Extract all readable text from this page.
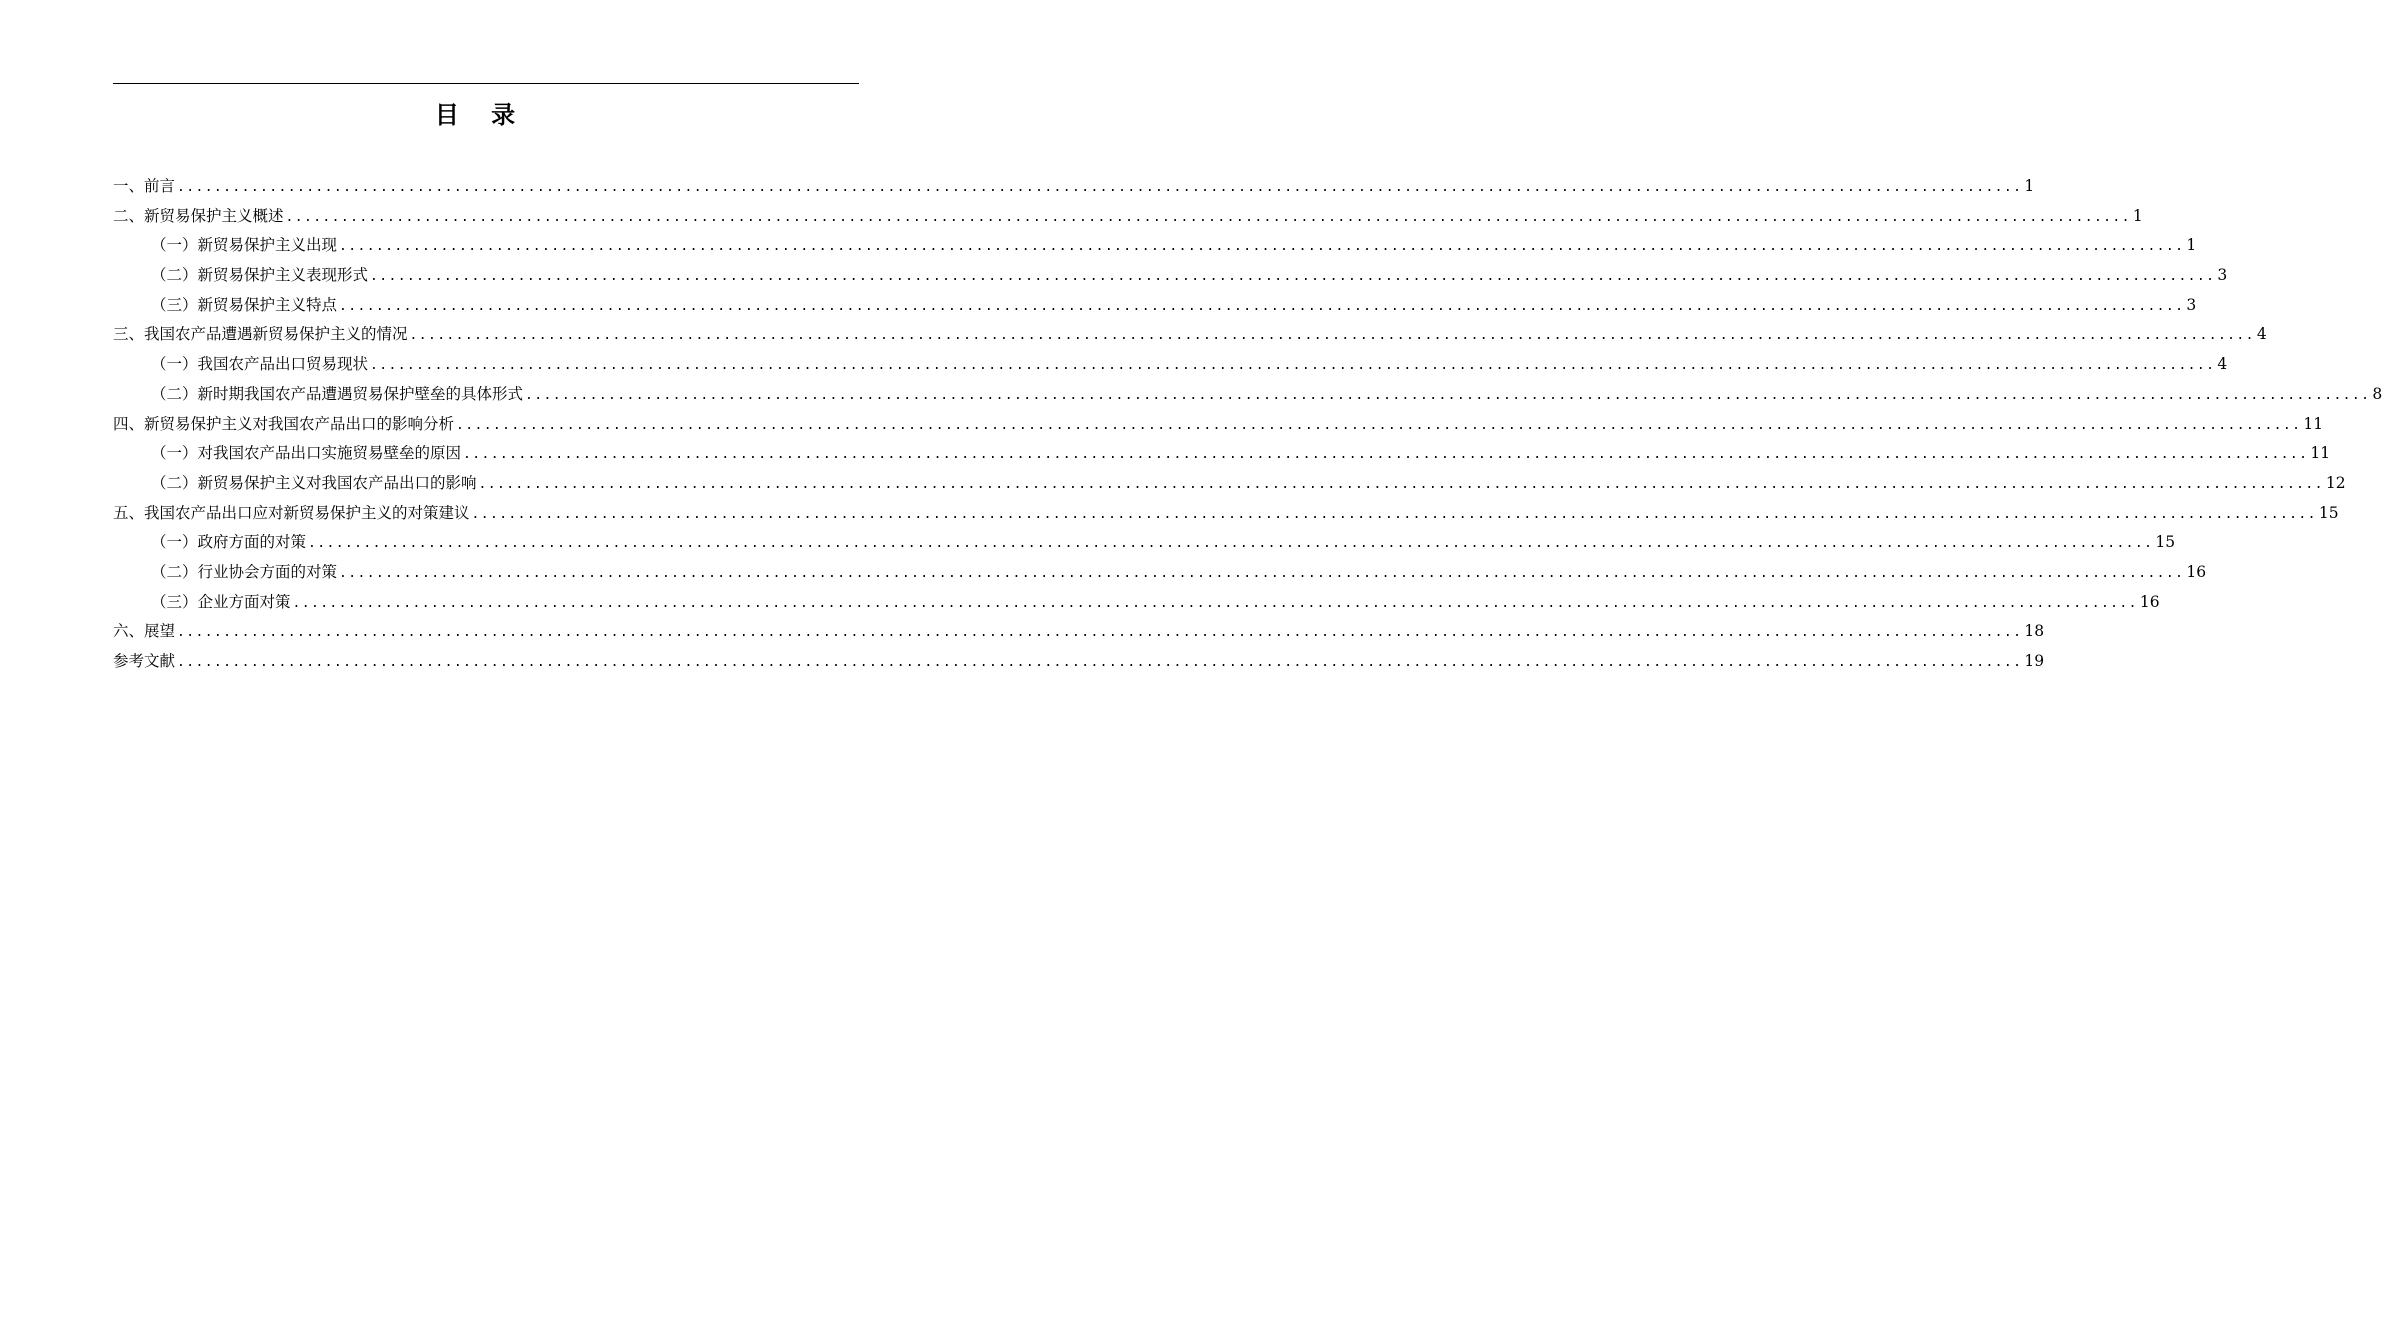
目 录
一、前言 ........................................................................................................................................................................................................ 1
二、新贸易保护主义概述 ........................................................................................................................................................................................................ 1
（一）新贸易保护主义出现 ........................................................................................................................................................................................................ 1
（二）新贸易保护主义表现形式 ........................................................................................................................................................................................................ 3
（三）新贸易保护主义特点 ........................................................................................................................................................................................................ 3
三、我国农产品遭遇新贸易保护主义的情况 ........................................................................................................................................................................................................ 4
（一）我国农产品出口贸易现状 ........................................................................................................................................................................................................ 4
（二）新时期我国农产品遭遇贸易保护壁垒的具体形式 ........................................................................................................................................................................................................ 8
四、新贸易保护主义对我国农产品出口的影响分析 ........................................................................................................................................................................................................ 11
（一）对我国农产品出口实施贸易壁垒的原因 ........................................................................................................................................................................................................ 11
（二）新贸易保护主义对我国农产品出口的影响 ........................................................................................................................................................................................................ 12
五、我国农产品出口应对新贸易保护主义的对策建议 ........................................................................................................................................................................................................ 15
（一）政府方面的对策 ........................................................................................................................................................................................................ 15
（二）行业协会方面的对策 ........................................................................................................................................................................................................ 16
（三）企业方面对策 ........................................................................................................................................................................................................ 16
六、展望 ........................................................................................................................................................................................................ 18
参考文献 ........................................................................................................................................................................................................ 19
